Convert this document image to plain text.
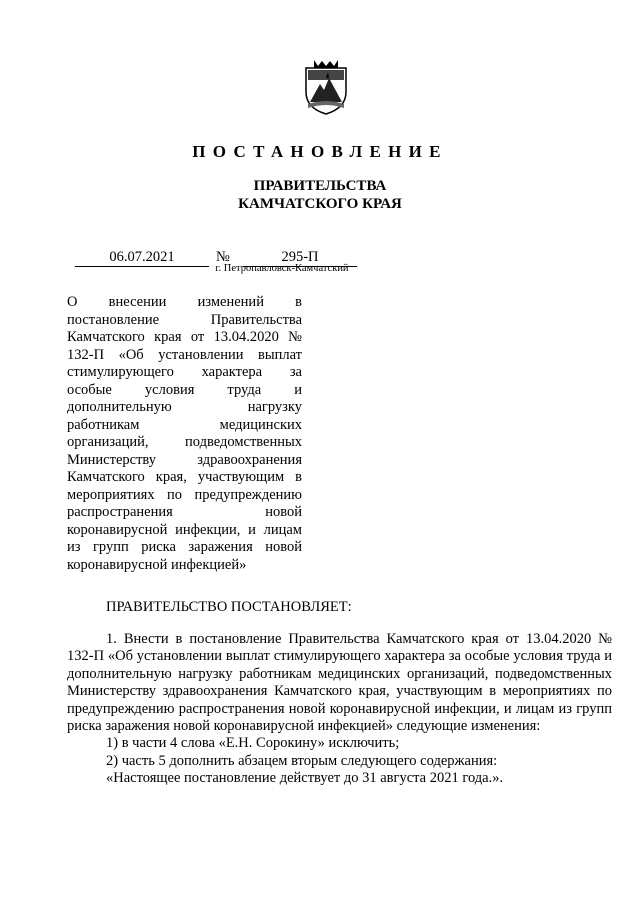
ПОСТАНОВЛЕНИЕ
ПРАВИТЕЛЬСТВА
КАМЧАТСКОГО КРАЯ
06.07.2021	№	295-П
г. Петропавловск-Камчатский
О внесении изменений в постановление Правительства Камчатского края от 13.04.2020 № 132-П «Об установлении выплат стимулирующего характера за особые условия труда и дополнительную нагрузку работникам медицинских организаций, подведомственных Министерству здравоохранения Камчатского края, участвующим в мероприятиях по предупреждению распространения новой коронавирусной инфекции, и лицам из групп риска заражения новой коронавирусной инфекцией»
ПРАВИТЕЛЬСТВО ПОСТАНОВЛЯЕТ:

1. Внести в постановление Правительства Камчатского края от 13.04.2020 № 132-П «Об установлении выплат стимулирующего характера за особые условия труда и дополнительную нагрузку работникам медицинских организаций, подведомственных Министерству здравоохранения Камчатского края, участвующим в мероприятиях по предупреждению распространения новой коронавирусной инфекции, и лицам из групп риска заражения новой коронавирусной инфекцией» следующие изменения:

1) в части 4 слова «Е.Н. Сорокину» исключить;

2) часть 5 дополнить абзацем вторым следующего содержания:

«Настоящее постановление действует до 31 августа 2021 года.».
